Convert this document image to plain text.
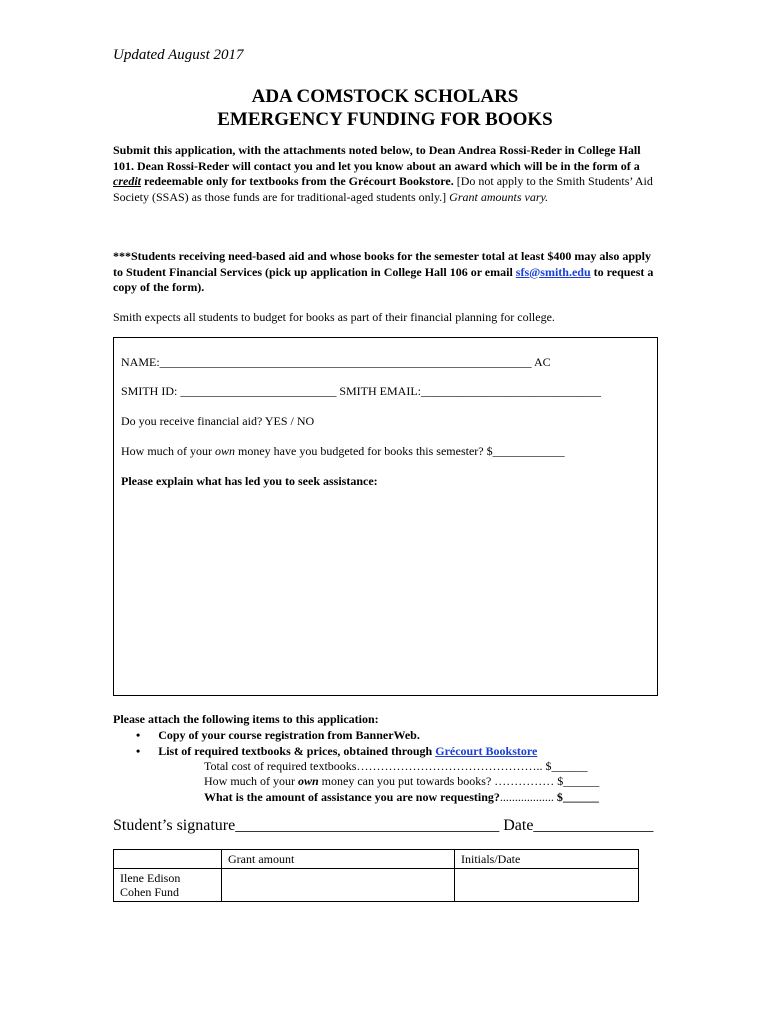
Updated August 2017
ADA COMSTOCK SCHOLARS
EMERGENCY FUNDING FOR BOOKS
Submit this application, with the attachments noted below, to Dean Andrea Rossi-Reder in College Hall 101. Dean Rossi-Reder will contact you and let you know about an award which will be in the form of a credit redeemable only for textbooks from the Grécourt Bookstore. [Do not apply to the Smith Students’ Aid Society (SSAS) as those funds are for traditional-aged students only.] Grant amounts vary.
***Students receiving need-based aid and whose books for the semester total at least $400 may also apply to Student Financial Services (pick up application in College Hall 106 or email sfs@smith.edu to request a copy of the form).
Smith expects all students to budget for books as part of their financial planning for college.
NAME:______________________________________________________________ AC
SMITH ID: __________________________ SMITH EMAIL:______________________________
Do you receive financial aid? YES / NO
How much of your own money have you budgeted for books this semester? $____________
Please explain what has led you to seek assistance:
Please attach the following items to this application:
• Copy of your course registration from BannerWeb.
• List of required textbooks & prices, obtained through Grécourt Bookstore
Total cost of required textbooks……………………………………….. $______
How much of your own money can you put towards books? …………… $______
What is the amount of assistance you are now requesting?.................. $______
Student’s signature_________________________________ Date_______________
	Grant amount	Initials/Date
Ilene Edison
Cohen Fund		
